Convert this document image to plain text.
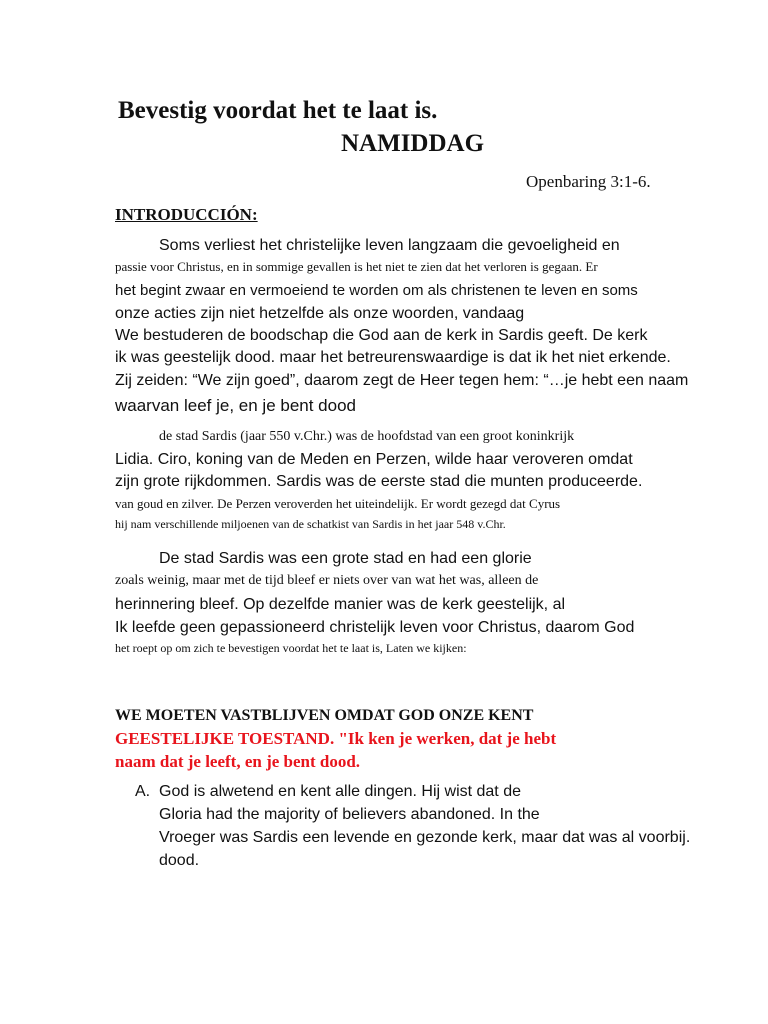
Bevestig voordat het te laat is.
NAMIDDAG
Openbaring 3:1-6.
INTRODUCCIÓN:
Soms verliest het christelijke leven langzaam die gevoeligheid en
passie voor Christus, en in sommige gevallen is het niet te zien dat het verloren is gegaan. Er
het begint zwaar en vermoeiend te worden om als christenen te leven en soms
onze acties zijn niet hetzelfde als onze woorden, vandaag
We bestuderen de boodschap die God aan de kerk in Sardis geeft. De kerk
ik was geestelijk dood. maar het betreurenswaardige is dat ik het niet erkende.
Zij zeiden: “We zijn goed”, daarom zegt de Heer tegen hem: “…je hebt een naam
waarvan leef je, en je bent dood
de stad Sardis (jaar 550 v.Chr.) was de hoofdstad van een groot koninkrijk
Lidia. Ciro, koning van de Meden en Perzen, wilde haar veroveren omdat
zijn grote rijkdommen. Sardis was de eerste stad die munten produceerde.
van goud en zilver. De Perzen veroverden het uiteindelijk. Er wordt gezegd dat Cyrus
hij nam verschillende miljoenen van de schatkist van Sardis in het jaar 548 v.Chr.
De stad Sardis was een grote stad en had een glorie
zoals weinig, maar met de tijd bleef er niets over van wat het was, alleen de
herinnering bleef. Op dezelfde manier was de kerk geestelijk, al
Ik leefde geen gepassioneerd christelijk leven voor Christus, daarom God
het roept op om zich te bevestigen voordat het te laat is, Laten we kijken:
WE MOETEN VASTBLIJVEN OMDAT GOD ONZE KENT
GEESTELIJKE TOESTAND. "Ik ken je werken, dat je hebt
naam dat je leeft, en je bent dood.
A. God is alwetend en kent alle dingen. Hij wist dat de
Gloria had the majority of believers abandoned. In the
Vroeger was Sardis een levende en gezonde kerk, maar dat was al voorbij.
dood.
